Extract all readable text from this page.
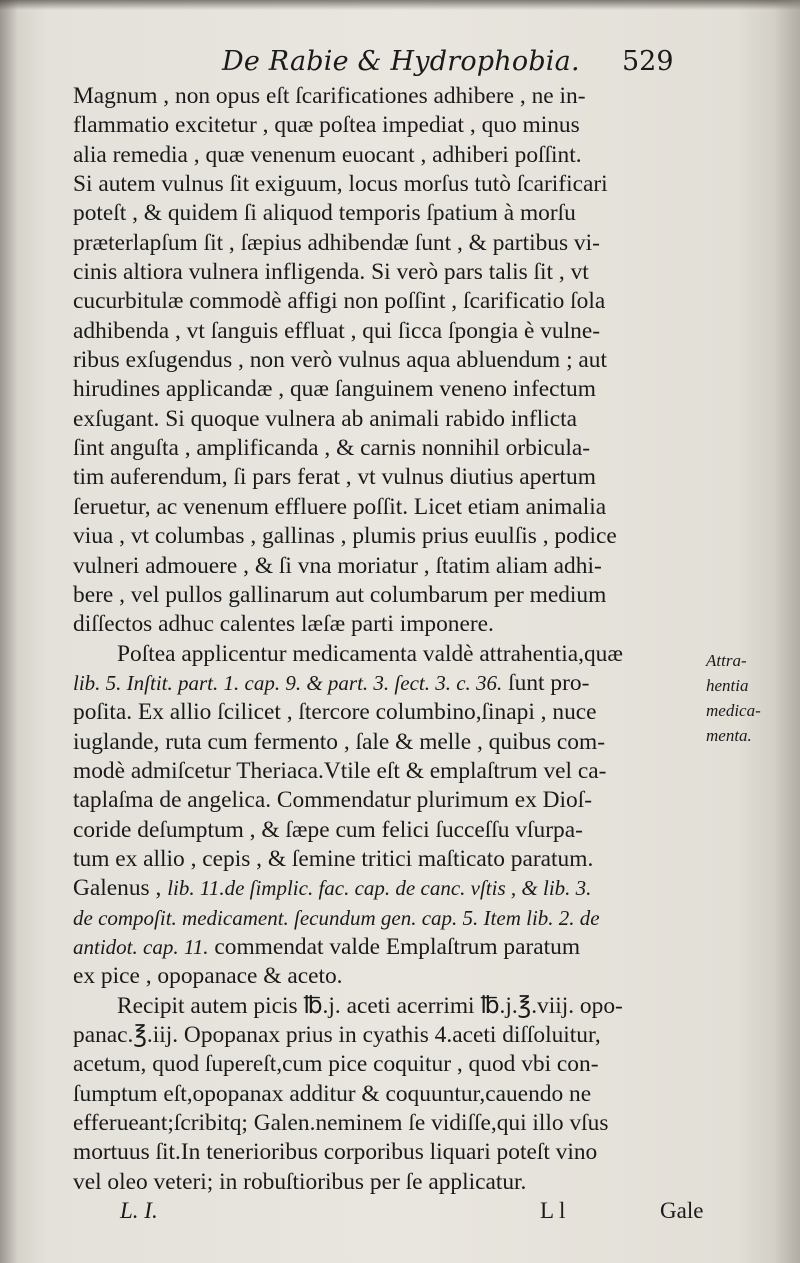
De Rabie & Hydrophobia. 529
Magnum , non opus eſt ſcarificationes adhibere , ne in-
flammatio excitetur , quæ poſtea impediat , quo minus
alia remedia , quæ venenum euocant , adhiberi poſſint.
Si autem vulnus ſit exiguum, locus morſus tutò ſcarificari
poteſt , & quidem ſi aliquod temporis ſpatium à morſu
præterlapſum ſit , ſæpius adhibendæ ſunt , & partibus vi-
cinis altiora vulnera infligenda. Si verò pars talis ſit , vt
cucurbitulæ commodè affigi non poſſint , ſcarificatio ſola
adhibenda , vt ſanguis effluat , qui ſicca ſpongia è vulne-
ribus exſugendus , non verò vulnus aqua abluendum ; aut
hirudines applicandæ , quæ ſanguinem veneno infectum
exſugant. Si quoque vulnera ab animali rabido inflicta
ſint anguſta , amplificanda , & carnis nonnihil orbicula-
tim auferendum, ſi pars ferat , vt vulnus diutius apertum
ſeruetur, ac venenum effluere poſſit. Licet etiam animalia
viua , vt columbas , gallinas , plumis prius euulſis , podice
vulneri admouere , & ſi vna moriatur , ſtatim aliam adhi-
bere , vel pullos gallinarum aut columbarum per medium
diſſectos adhuc calentes læſæ parti imponere.
Poſtea applicentur medicamenta valdè attrahentia,quæ
lib. 5. Inſtit. part. 1. cap. 9. & part. 3. ſect. 3. c. 36. ſunt pro-
poſita. Ex allio ſcilicet , ſtercore columbino,ſinapi , nuce
iuglande, ruta cum fermento , ſale & melle , quibus com-
modè admiſcetur Theriaca.Vtile eſt & emplaſtrum vel ca-
taplaſma de angelica. Commendatur plurimum ex Dioſ-
coride deſumptum , & ſæpe cum felici ſucceſſu vſurpa-
tum ex allio , cepis , & ſemine tritici maſticato paratum.
Galenus , lib. 11.de ſimplic. fac. cap. de canc. vſtis , & lib. 3.
de compoſit. medicament. ſecundum gen. cap. 5. Item lib. 2. de
antidot. cap. 11. commendat valde Emplaſtrum paratum
ex pice , opopanace & aceto.
Recipit autem picis ℔.j. aceti acerrimi ℔.j.℥.viij. opo-
panac.℥.iij. Opopanax prius in cyathis 4.aceti diſſoluitur,
acetum, quod ſupereſt,cum pice coquitur , quod vbi con-
ſumptum eſt,opopanax additur & coquuntur,cauendo ne
efferueant;ſcribitq; Galen.neminem ſe vidiſſe,qui illo vſus
mortuus ſit.In tenerioribus corporibus liquari poteſt vino
vel oleo veteri; in robuſtioribus per ſe applicatur.
Attra-
hentia
medica-
menta.
L. I.	L l	Gale
